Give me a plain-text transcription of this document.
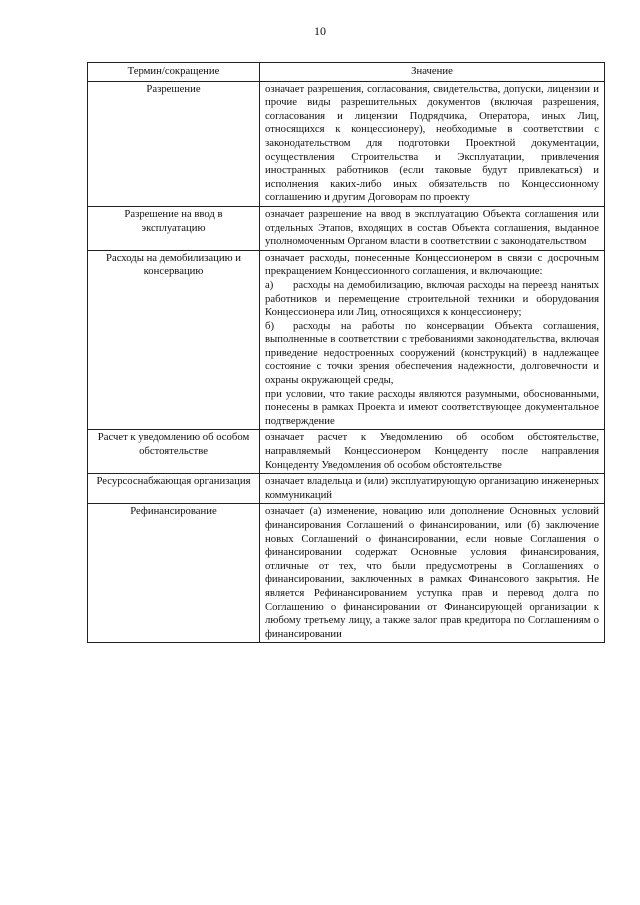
10
Термин/сокращение	Значение
Разрешение	означает разрешения, согласования, свидетельства, допуски, лицензии и прочие виды разрешительных документов (включая разрешения, согласования и лицензии Подрядчика, Оператора, иных Лиц, относящихся к концессионеру), необходимые в соответствии с законодательством для подготовки Проектной документации, осуществления Строительства и Эксплуатации, привлечения иностранных работников (если таковые будут привлекаться) и исполнения каких-либо иных обязательств по Концессионному соглашению и другим Договорам по проекту
Разрешение на ввод в эксплуатацию	означает разрешение на ввод в эксплуатацию Объекта соглашения или отдельных Этапов, входящих в состав Объекта соглашения, выданное уполномоченным Органом власти в соответствии с законодательством
Расходы на демобилизацию и консервацию	означает расходы, понесенные Концессионером в связи с досрочным прекращением Концессионного соглашения, и включающие:
а) расходы на демобилизацию, включая расходы на переезд нанятых работников и перемещение строительной техники и оборудования Концессионера или Лиц, относящихся к концессионеру;
б) расходы на работы по консервации Объекта соглашения, выполненные в соответствии с требованиями законодательства, включая приведение недостроенных сооружений (конструкций) в надлежащее состояние с точки зрения обеспечения надежности, долговечности и охраны окружающей среды,
при условии, что такие расходы являются разумными, обоснованными, понесены в рамках Проекта и имеют соответствующее документальное подтверждение

Расчет к уведомлению об особом обстоятельстве	означает расчет к Уведомлению об особом обстоятельстве, направляемый Концессионером Концеденту после направления Концеденту Уведомления об особом обстоятельстве
Ресурсоснабжающая организация	означает владельца и (или) эксплуатирующую организацию инженерных коммуникаций
Рефинансирование	означает (а) изменение, новацию или дополнение Основных условий финансирования Соглашений о финансировании, или (б) заключение новых Соглашений о финансировании, если новые Соглашения о финансировании содержат Основные условия финансирования, отличные от тех, что были предусмотрены в Соглашениях о финансировании, заключенных в рамках Финансового закрытия. Не является Рефинансированием уступка прав и перевод долга по Соглашению о финансировании от Финансирующей организации к любому третьему лицу, а также залог прав кредитора по Соглашениям о финансировании
